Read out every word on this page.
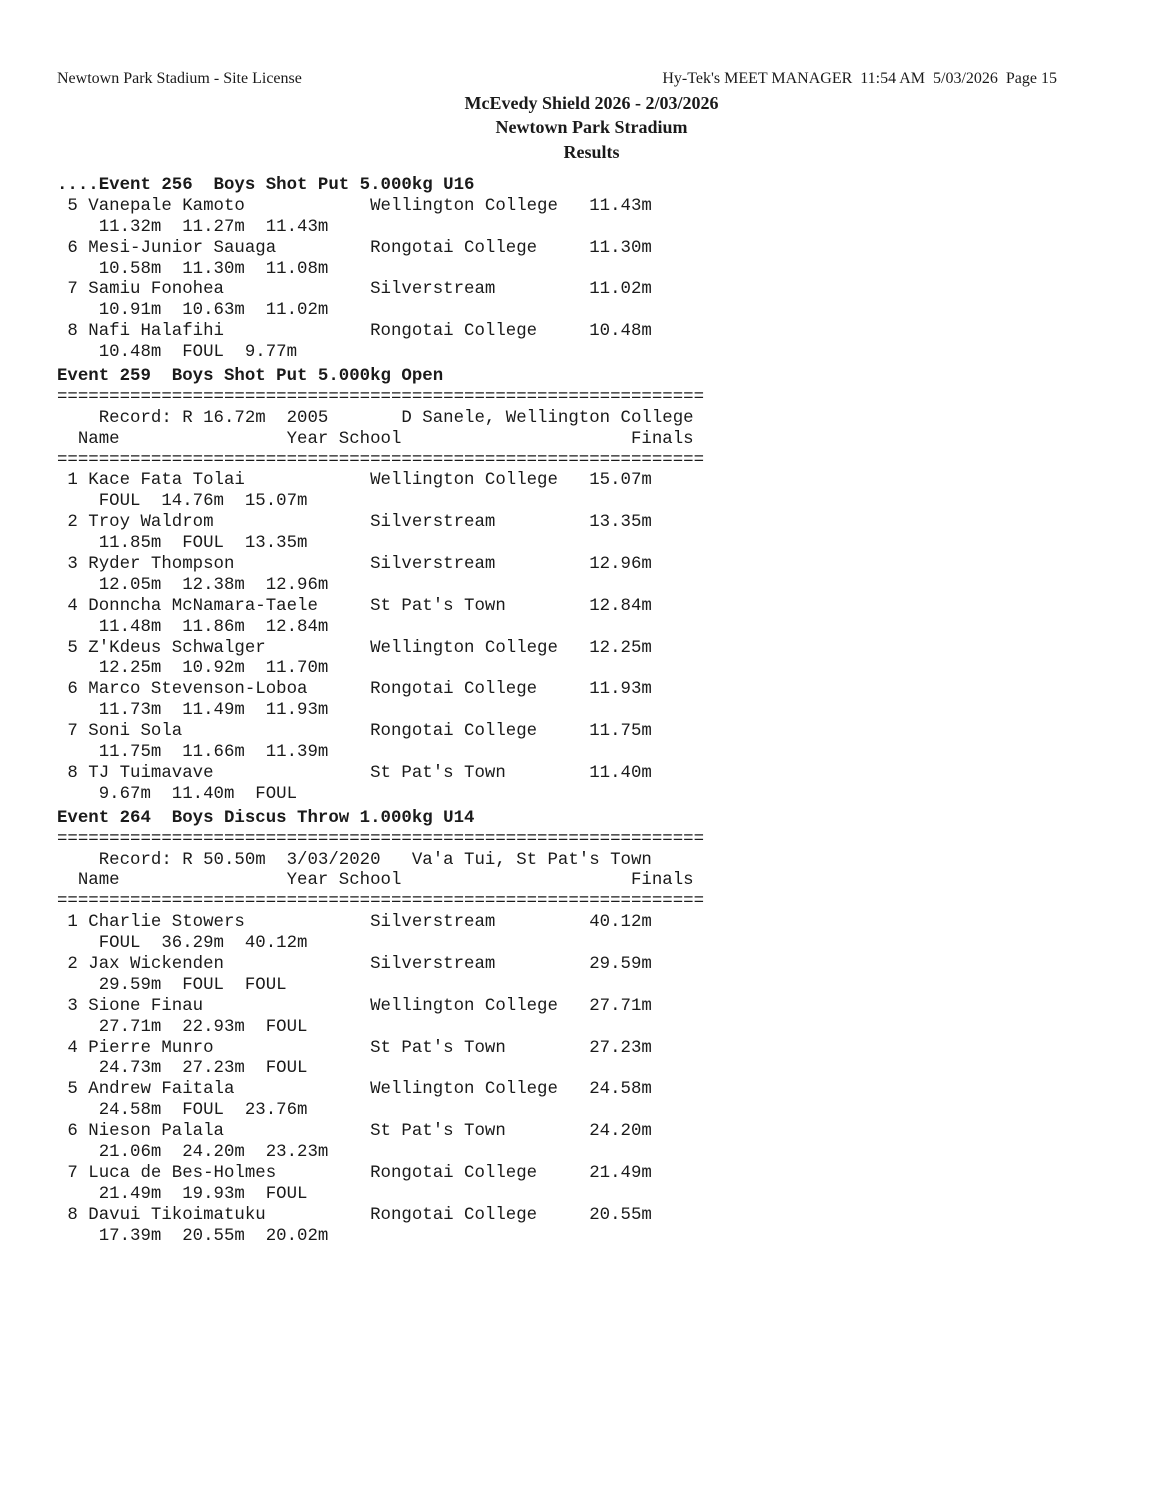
Newtown Park Stadium - Site License	Hy-Tek's MEET MANAGER  11:54 AM  5/03/2026  Page 15
McEvedy Shield 2026 - 2/03/2026
Newtown Park Stradium
Results
....Event 256  Boys Shot Put 5.000kg U16
5 Vanepale Kamoto            Wellington College   11.43m
11.32m  11.27m  11.43m
6 Mesi-Junior Sauaga         Rongotai College     11.30m
10.58m  11.30m  11.08m
7 Samiu Fonohea              Silverstream         11.02m
10.91m  10.63m  11.02m
8 Nafi Halafihi              Rongotai College     10.48m
10.48m  FOUL  9.77m
Event 259  Boys Shot Put 5.000kg Open
==============================================================
Record: R 16.72m  2005       D Sanele, Wellington College
Name                Year School                      Finals
==============================================================
1 Kace Fata Tolai            Wellington College   15.07m
FOUL  14.76m  15.07m
2 Troy Waldrom               Silverstream         13.35m
11.85m  FOUL  13.35m
3 Ryder Thompson             Silverstream         12.96m
12.05m  12.38m  12.96m
4 Donncha McNamara-Taele     St Pat's Town        12.84m
11.48m  11.86m  12.84m
5 Z'Kdeus Schwalger          Wellington College   12.25m
12.25m  10.92m  11.70m
6 Marco Stevenson-Loboa      Rongotai College     11.93m
11.73m  11.49m  11.93m
7 Soni Sola                  Rongotai College     11.75m
11.75m  11.66m  11.39m
8 TJ Tuimavave               St Pat's Town        11.40m
9.67m  11.40m  FOUL
Event 264  Boys Discus Throw 1.000kg U14
==============================================================
Record: R 50.50m  3/03/2020   Va'a Tui, St Pat's Town
Name                Year School                      Finals
==============================================================
1 Charlie Stowers            Silverstream         40.12m
FOUL  36.29m  40.12m
2 Jax Wickenden              Silverstream         29.59m
29.59m  FOUL  FOUL
3 Sione Finau                Wellington College   27.71m
27.71m  22.93m  FOUL
4 Pierre Munro               St Pat's Town        27.23m
24.73m  27.23m  FOUL
5 Andrew Faitala             Wellington College   24.58m
24.58m  FOUL  23.76m
6 Nieson Palala              St Pat's Town        24.20m
21.06m  24.20m  23.23m
7 Luca de Bes-Holmes         Rongotai College     21.49m
21.49m  19.93m  FOUL
8 Davui Tikoimatuku          Rongotai College     20.55m
17.39m  20.55m  20.02m
